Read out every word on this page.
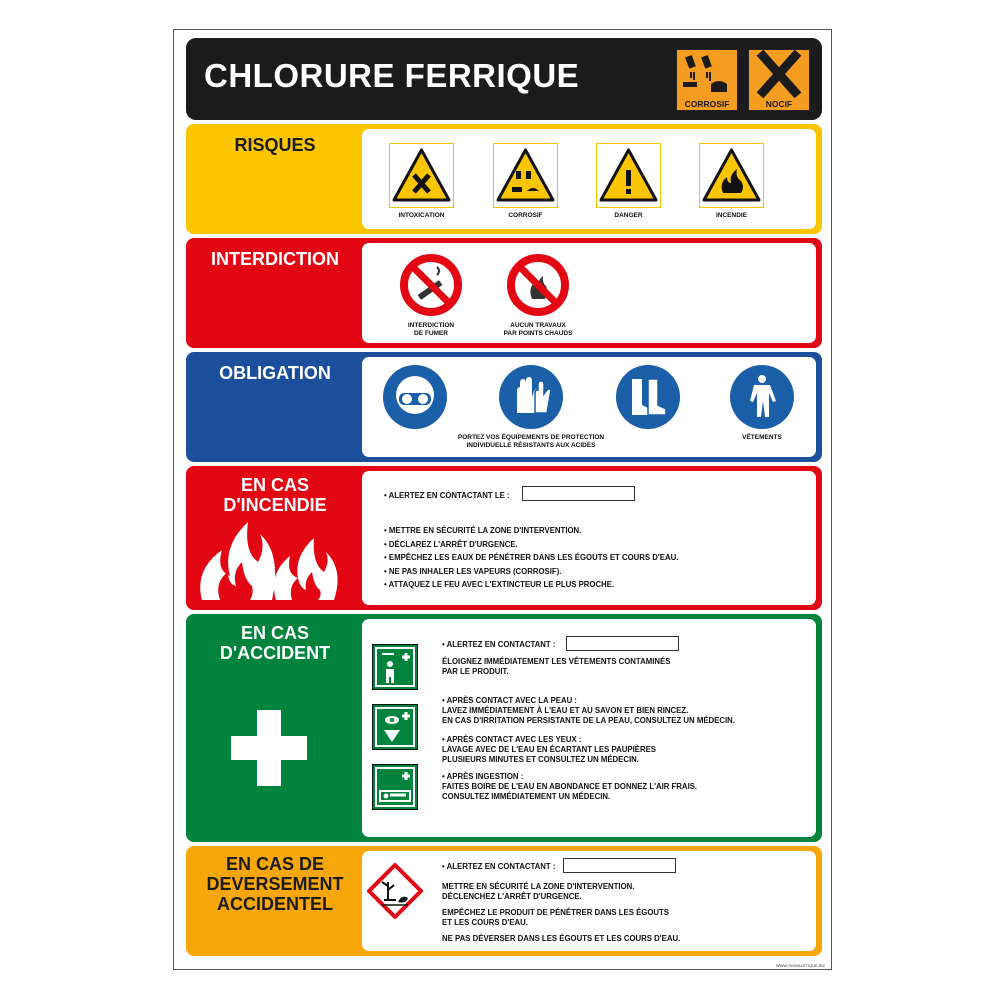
CHLORURE FERRIQUE
CORROSIF	NOCIF
RISQUES
INTOXICATION	CORROSIF	DANGER	INCENDIE
INTERDICTION
INTERDICTION
DE FUMER
AUCUN TRAVAUX
PAR POINTS CHAUDS
OBLIGATION
PORTEZ VOS ÉQUIPEMENTS DE PROTECTION
INDIVIDUELLE RÉSISTANTS AUX ACIDES
VÊTEMENTS
EN CAS
D'INCENDIE	• ALERTEZ EN CONTACTANT LE :
• METTRE EN SÉCURITÉ LA ZONE D'INTERVENTION.
• DÉCLAREZ L'ARRÊT D'URGENCE.
• EMPÊCHEZ LES EAUX DE PÉNÉTRER DANS LES ÉGOUTS ET COURS D'EAU.
• NE PAS INHALER LES VAPEURS (CORROSIF).
• ATTAQUEZ LE FEU AVEC L'EXTINCTEUR LE PLUS PROCHE.
EN CAS
D'ACCIDENT	• ALERTEZ EN CONTACTANT :
ÉLOIGNEZ IMMÉDIATEMENT LES VÊTEMENTS CONTAMINÉS
PAR LE PRODUIT.
• APRÈS CONTACT AVEC LA PEAU :
LAVEZ IMMÉDIATEMENT À L'EAU ET AU SAVON ET BIEN RINCEZ.
EN CAS D'IRRITATION PERSISTANTE DE LA PEAU, CONSULTEZ UN MÉDECIN.
• APRÈS CONTACT AVEC LES YEUX :
LAVAGE AVEC DE L'EAU EN ÉCARTANT LES PAUPIÈRES
PLUSIEURS MINUTES ET CONSULTEZ UN MÉDECIN.
• APRÈS INGESTION :
FAITES BOIRE DE L'EAU EN ABONDANCE ET DONNEZ L'AIR FRAIS.
CONSULTEZ IMMÉDIATEMENT UN MÉDECIN.
EN CAS DE
DEVERSEMENT
ACCIDENTEL
• ALERTEZ EN CONTACTANT :
METTRE EN SÉCURITÉ LA ZONE D'INTERVENTION.
DÉCLENCHEZ L'ARRÊT D'URGENCE.
EMPÊCHEZ LE PRODUIT DE PÉNÉTRER DANS LES ÉGOUTS
ET LES COURS D'EAU.
NE PAS DÉVERSER DANS LES ÉGOUTS ET LES COURS D'EAU.
WWW.SIGNALETIQUE.BIZ
